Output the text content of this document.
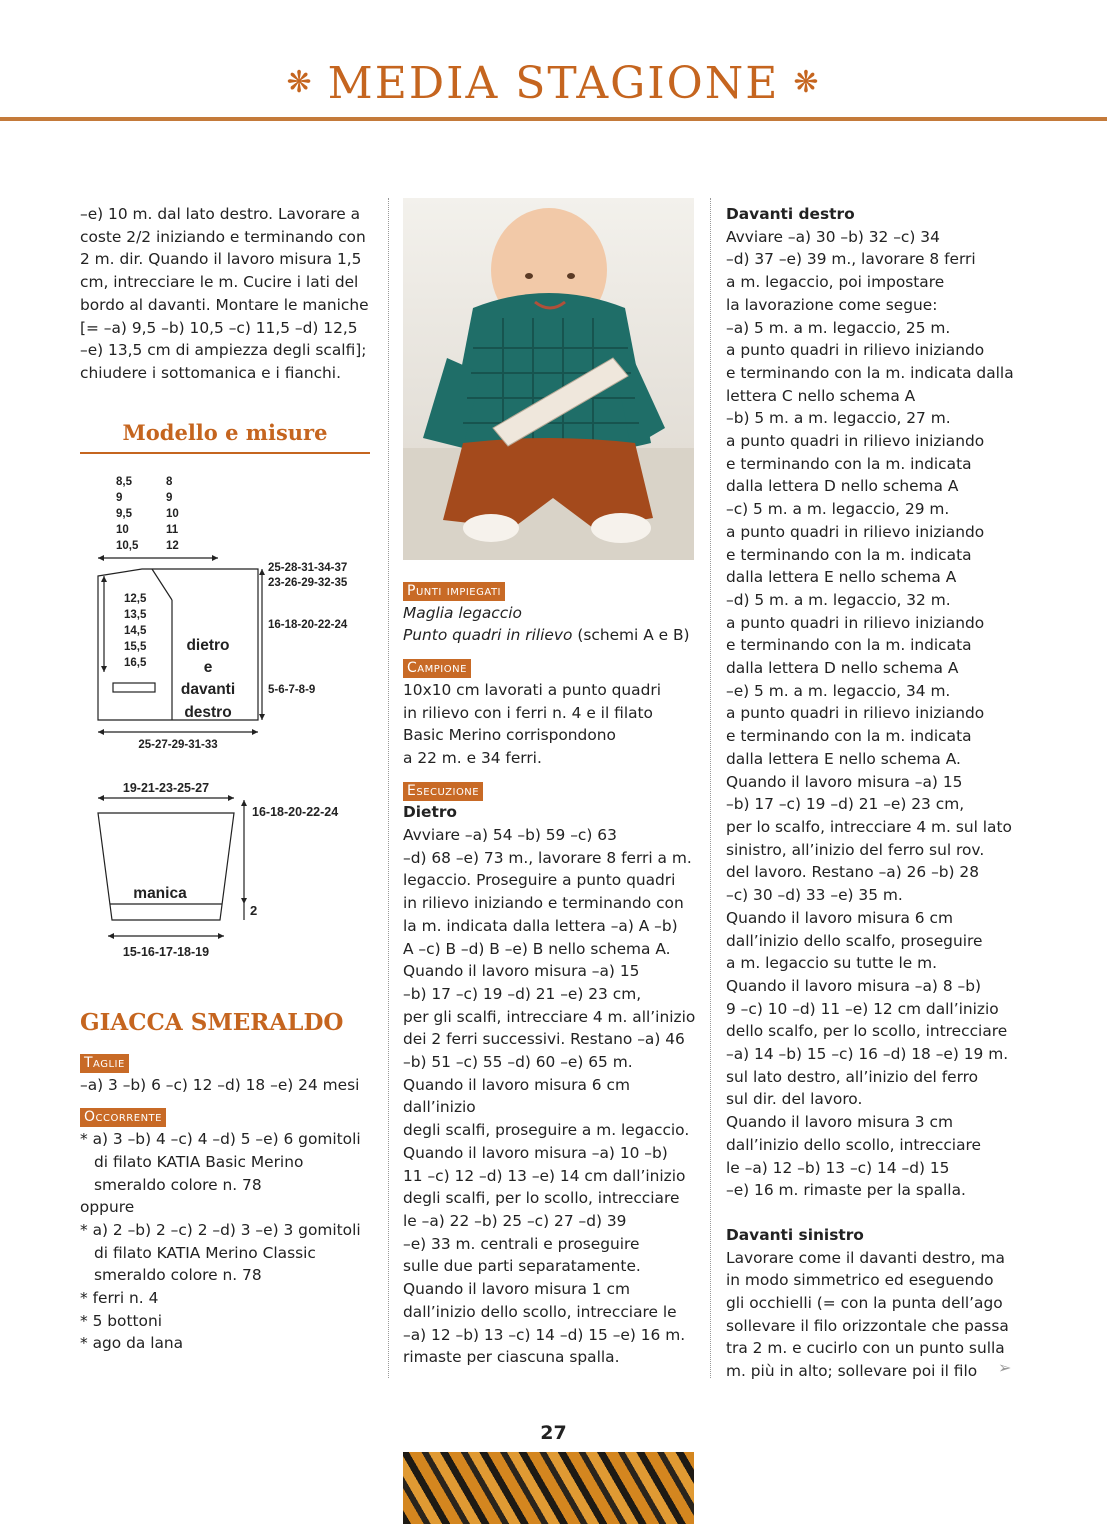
❋ MEDIA STAGIONE ❋

–e) 10 m. dal lato destro. Lavorare a

coste 2/2 iniziando e terminando con

2 m. dir. Quando il lavoro misura 1,5

cm, intrecciare le m. Cucire i lati del

bordo al davanti. Montare le maniche

[= –a) 9,5 –b) 10,5 –c) 11,5 –d) 12,5

–e) 13,5 cm di ampiezza degli scalfi];

chiudere i sottomanica e i fianchi.

Modello e misure
8,5
9
9,5
10
10,5
8
9
10
11
12
12,5
13,5
14,5
15,5
16,5
dietro
e
davanti
destro
25-28-31-34-37
23-26-29-32-35
16-18-20-22-24
5-6-7-8-9
25-27-29-31-33
19-21-23-25-27
manica
16-18-20-22-24
2
15-16-17-18-19
GIACCA SMERALDO
Taglie

–a) 3 –b) 6 –c) 12 –d) 18 –e) 24 mesi

Occorrente

* a) 3 –b) 4 –c) 4 –d) 5 –e) 6 gomitoli

di filato KATIA Basic Merino

smeraldo colore n. 78

oppure

* a) 2 –b) 2 –c) 2 –d) 3 –e) 3 gomitoli

di filato KATIA Merino Classic

smeraldo colore n. 78

* ferri n. 4

* 5 bottoni

* ago da lana

Punti impiegati

Maglia legaccio

Punto quadri in rilievo (schemi A e B)

Campione

10x10 cm lavorati a punto quadri

in rilievo con i ferri n. 4 e il filato

Basic Merino corrispondono

a 22 m. e 34 ferri.

Esecuzione
Dietro

Avviare –a) 54 –b) 59 –c) 63

–d) 68 –e) 73 m., lavorare 8 ferri a m.

legaccio. Proseguire a punto quadri

in rilievo iniziando e terminando con

la m. indicata dalla lettera –a) A –b)

A –c) B –d) B –e) B nello schema A.

Quando il lavoro misura –a) 15

–b) 17 –c) 19 –d) 21 –e) 23 cm,

per gli scalfi, intrecciare 4 m. all’inizio

dei 2 ferri successivi. Restano –a) 46

–b) 51 –c) 55 –d) 60 –e) 65 m.

Quando il lavoro misura 6 cm dall’inizio

degli scalfi, proseguire a m. legaccio.

Quando il lavoro misura –a) 10 –b)

11 –c) 12 –d) 13 –e) 14 cm dall’inizio

degli scalfi, per lo scollo, intrecciare

le –a) 22 –b) 25 –c) 27 –d) 39

–e) 33 m. centrali e proseguire

sulle due parti separatamente.

Quando il lavoro misura 1 cm

dall’inizio dello scollo, intrecciare le

–a) 12 –b) 13 –c) 14 –d) 15 –e) 16 m.

rimaste per ciascuna spalla.

Davanti destro

Avviare –a) 30 –b) 32 –c) 34

–d) 37 –e) 39 m., lavorare 8 ferri

a m. legaccio, poi impostare

la lavorazione come segue:

–a) 5 m. a m. legaccio, 25 m.

a punto quadri in rilievo iniziando

e terminando con la m. indicata dalla

lettera C nello schema A

–b) 5 m. a m. legaccio, 27 m.

a punto quadri in rilievo iniziando

e terminando con la m. indicata

dalla lettera D nello schema A

–c) 5 m. a m. legaccio, 29 m.

a punto quadri in rilievo iniziando

e terminando con la m. indicata

dalla lettera E nello schema A

–d) 5 m. a m. legaccio, 32 m.

a punto quadri in rilievo iniziando

e terminando con la m. indicata

dalla lettera D nello schema A

–e) 5 m. a m. legaccio, 34 m.

a punto quadri in rilievo iniziando

e terminando con la m. indicata

dalla lettera E nello schema A.

Quando il lavoro misura –a) 15

–b) 17 –c) 19 –d) 21 –e) 23 cm,

per lo scalfo, intrecciare 4 m. sul lato

sinistro, all’inizio del ferro sul rov.

del lavoro. Restano –a) 26 –b) 28

–c) 30 –d) 33 –e) 35 m.

Quando il lavoro misura 6 cm

dall’inizio dello scalfo, proseguire

a m. legaccio su tutte le m.

Quando il lavoro misura –a) 8 –b)

9 –c) 10 –d) 11 –e) 12 cm dall’inizio

dello scalfo, per lo scollo, intrecciare

–a) 14 –b) 15 –c) 16 –d) 18 –e) 19 m.

sul lato destro, all’inizio del ferro

sul dir. del lavoro.

Quando il lavoro misura 3 cm

dall’inizio dello scollo, intrecciare

le –a) 12 –b) 13 –c) 14 –d) 15

–e) 16 m. rimaste per la spalla.

Davanti sinistro

Lavorare come il davanti destro, ma

in modo simmetrico ed eseguendo

gli occhielli (= con la punta dell’ago

sollevare il filo orizzontale che passa

tra 2 m. e cucirlo con un punto sulla

m. più in alto; sollevare poi il filo	➢
27
